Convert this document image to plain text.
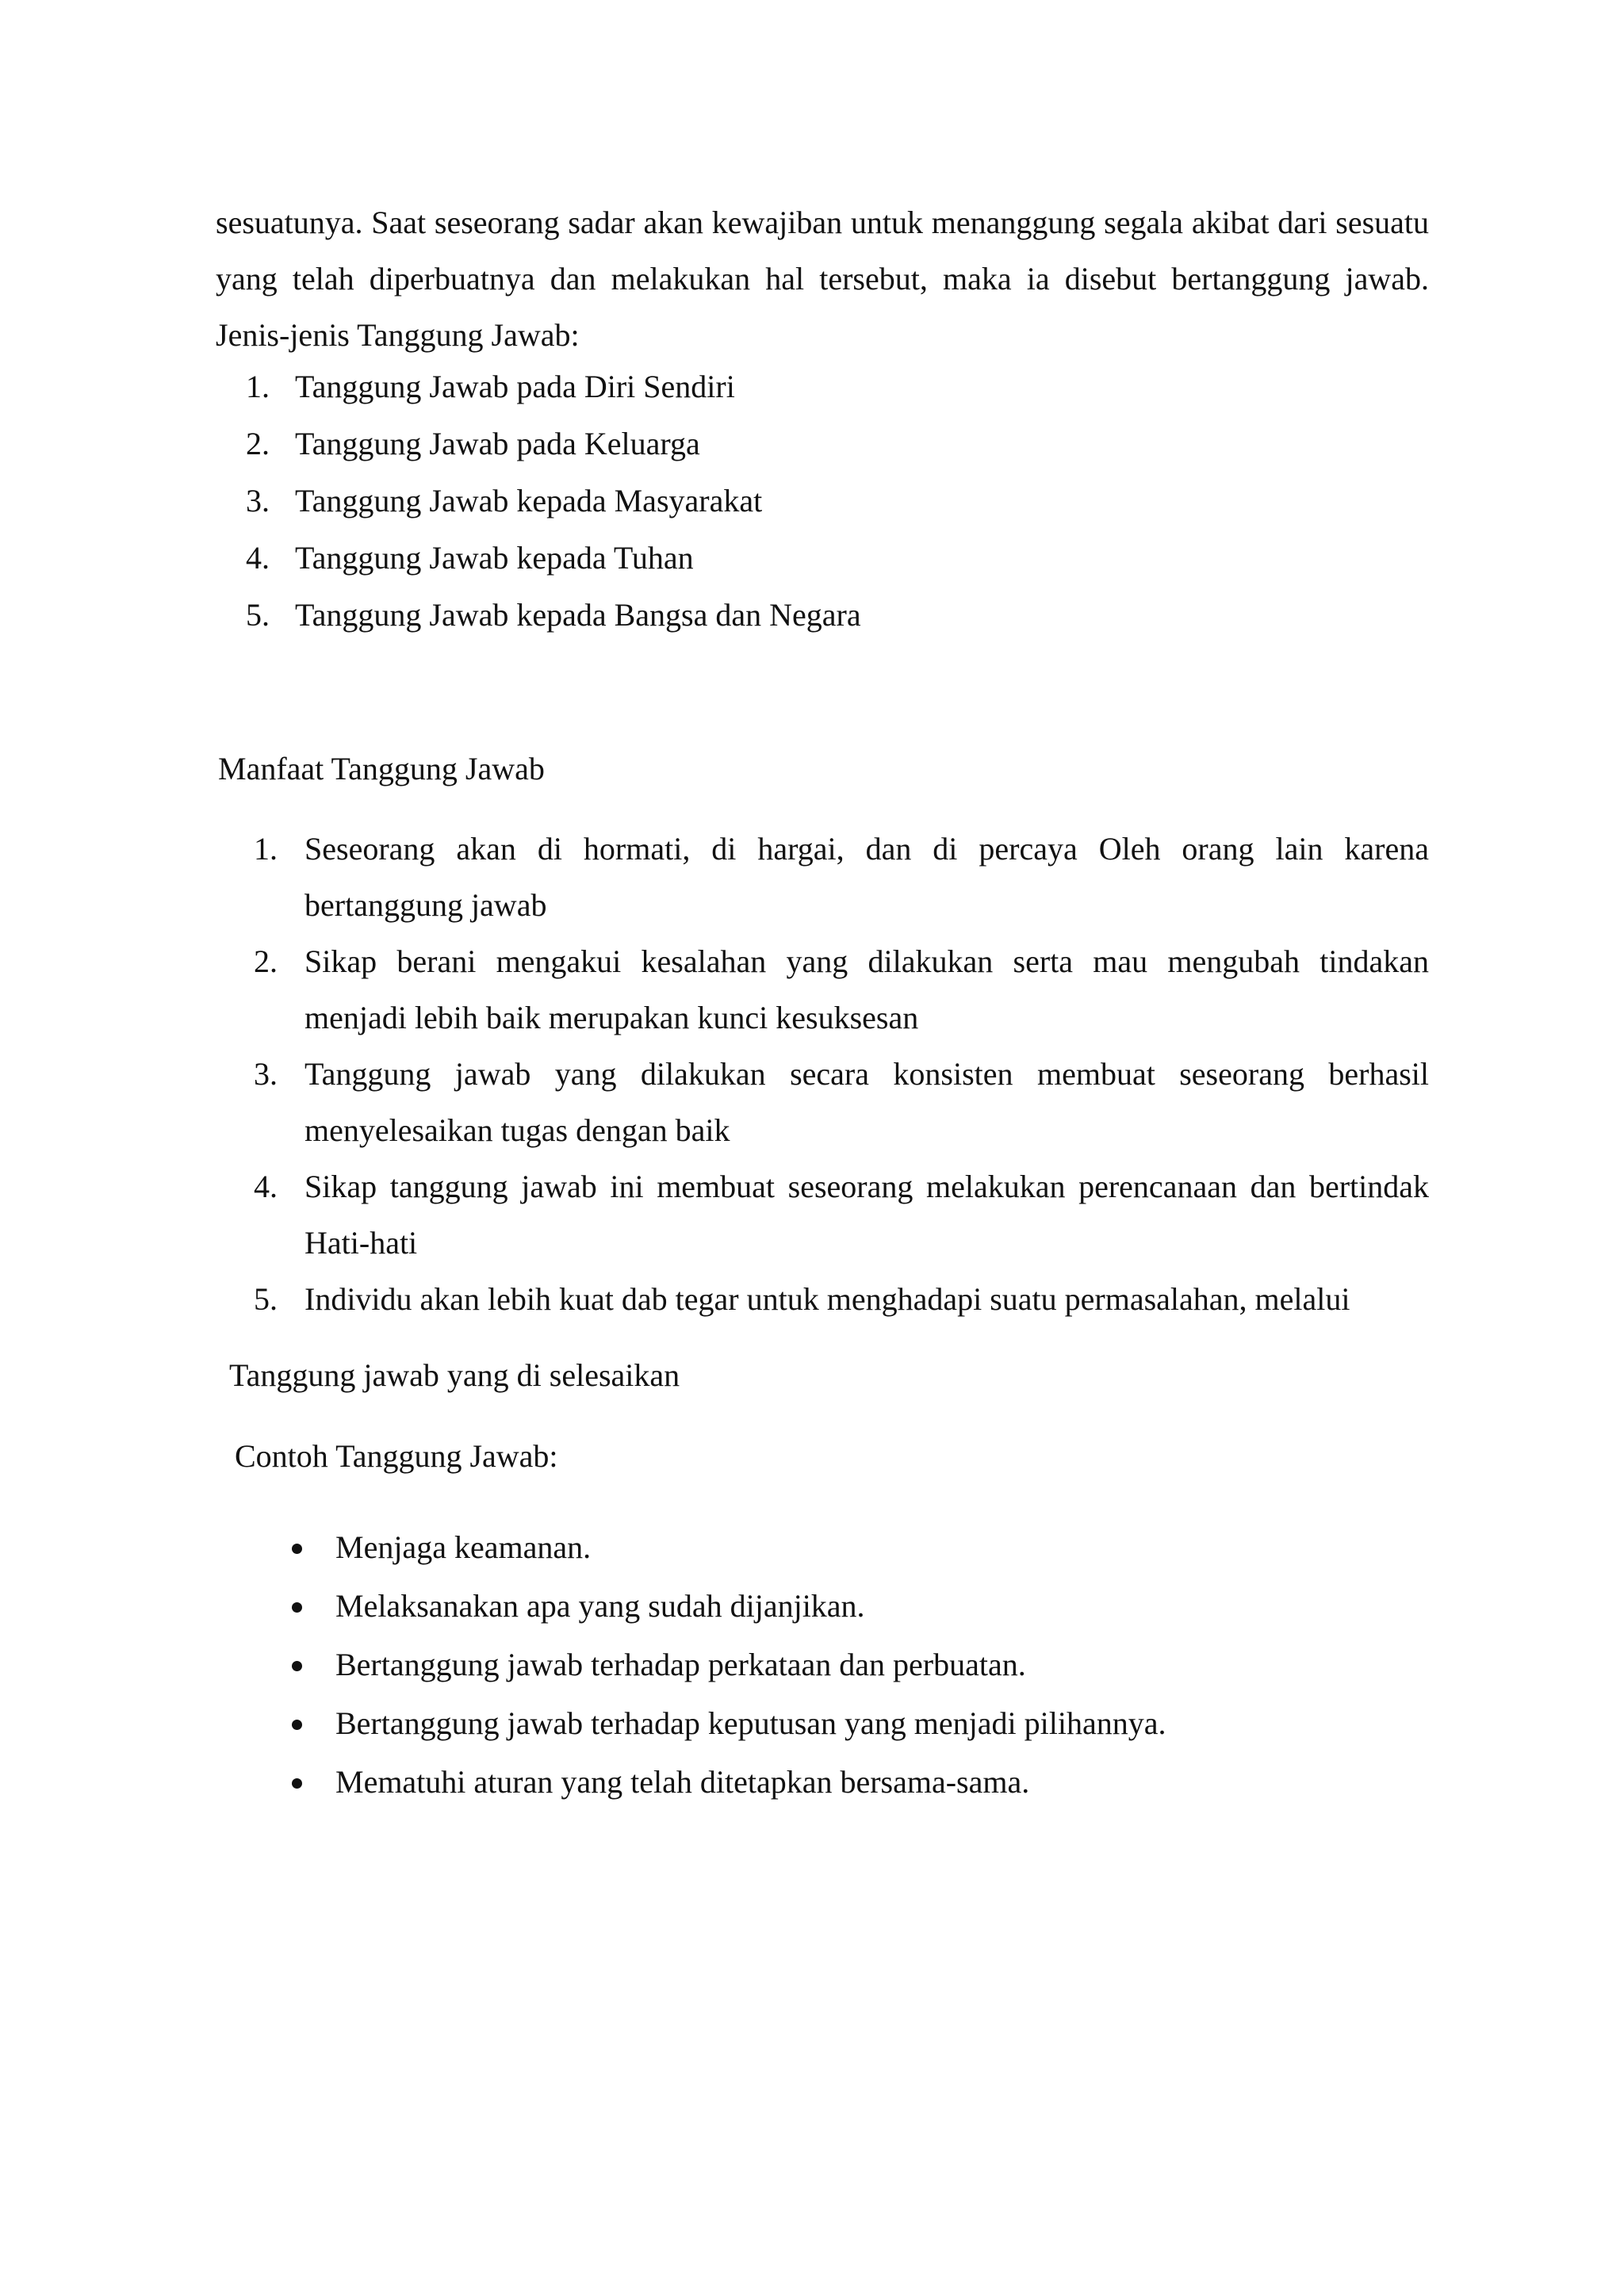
sesuatunya. Saat seseorang sadar akan kewajiban untuk menanggung segala akibat dari sesuatu yang telah diperbuatnya dan melakukan hal tersebut, maka ia disebut bertanggung jawab. Jenis-jenis Tanggung Jawab:

1. Tanggung Jawab pada Diri Sendiri
2. Tanggung Jawab pada Keluarga
3. Tanggung Jawab kepada Masyarakat
4. Tanggung Jawab kepada Tuhan
5. Tanggung Jawab kepada Bangsa dan Negara
Manfaat Tanggung Jawab
1. Seseorang akan di hormati, di hargai, dan di percaya Oleh orang lain karena bertanggung jawab
2. Sikap berani mengakui kesalahan yang dilakukan serta mau mengubah tindakan menjadi lebih baik merupakan kunci kesuksesan
3. Tanggung jawab yang dilakukan secara konsisten membuat seseorang berhasil menyelesaikan tugas dengan baik
4. Sikap tanggung jawab ini membuat seseorang melakukan perencanaan dan bertindak Hati-hati
5. Individu akan lebih kuat dab tegar untuk menghadapi suatu permasalahan, melalui

Tanggung jawab yang di selesaikan

Contoh Tanggung Jawab:

Menjaga keamanan.
Melaksanakan apa yang sudah dijanjikan.
Bertanggung jawab terhadap perkataan dan perbuatan.
Bertanggung jawab terhadap keputusan yang menjadi pilihannya.
Mematuhi aturan yang telah ditetapkan bersama-sama.
